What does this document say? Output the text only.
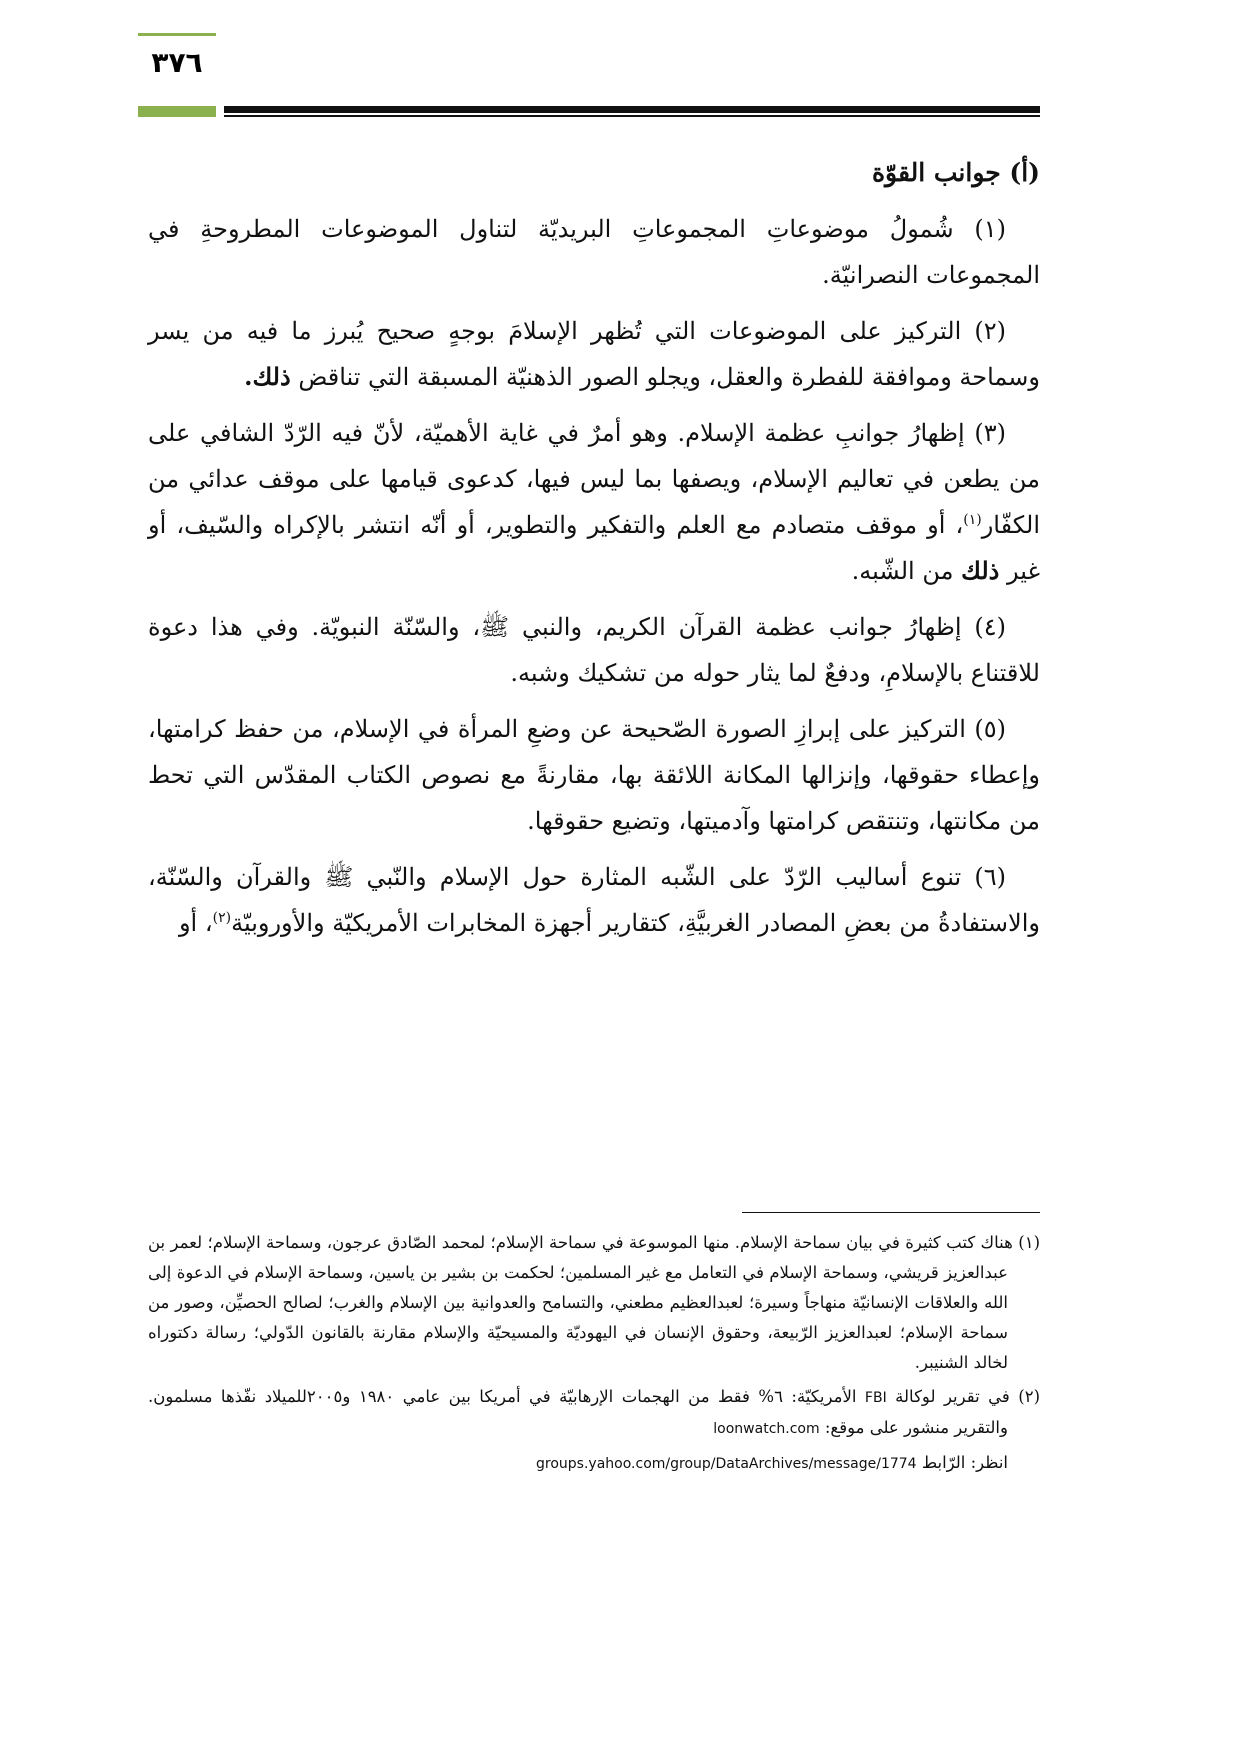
٣٧٦

(أ) جوانب القوّة

(١) شُمولُ موضوعاتِ المجموعاتِ البريديّة لتناول الموضوعات المطروحةِ في المجموعات النصرانيّة.

(٢) التركيز على الموضوعات التي تُظهر الإسلامَ بوجهٍ صحيح يُبرز ما فيه من يسر وسماحة وموافقة للفطرة والعقل، ويجلو الصور الذهنيّة المسبقة التي تناقض ذلك.

(٣) إظهارُ جوانبِ عظمة الإسلام. وهو أمرٌ في غاية الأهميّة، لأنّ فيه الرّدّ الشافي على من يطعن في تعاليم الإسلام، ويصفها بما ليس فيها، كدعوى قيامها على موقف عدائي من الكفّار$^{(١)}$، أو موقف متصادم مع العلم والتفكير والتطوير، أو أنّه انتشر بالإكراه والسّيف، أو غير ذلك من الشّبه.

(٤) إظهارُ جوانب عظمة القرآن الكريم، والنبي ﷺ، والسّنّة النبويّة. وفي هذا دعوة للاقتناع بالإسلامِ، ودفعٌ لما يثار حوله من تشكيك وشبه.

(٥) التركيز على إبرازِ الصورة الصّحيحة عن وضعِ المرأة في الإسلام، من حفظ كرامتها، وإعطاء حقوقها، وإنزالها المكانة اللائقة بها، مقارنةً مع نصوص الكتاب المقدّس التي تحط من مكانتها، وتنتقص كرامتها وآدميتها، وتضيع حقوقها.

(٦) تنوع أساليب الرّدّ على الشّبه المثارة حول الإسلام والنّبي ﷺ والقرآن والسّنّة، والاستفادةُ من بعضِ المصادر الغربيَّةِ، كتقارير أجهزة المخابرات الأمريكيّة والأوروبيّة$^{(٢)}$، أو

(١) هناك كتب كثيرة في بيان سماحة الإسلام. منها الموسوعة في سماحة الإسلام؛ لمحمد الصّادق عرجون، وسماحة الإسلام؛ لعمر بن عبدالعزيز قريشي، وسماحة الإسلام في التعامل مع غير المسلمين؛ لحكمت بن بشير بن ياسين، وسماحة الإسلام في الدعوة إلى الله والعلاقات الإنسانيّة منهاجاً وسيرة؛ لعبدالعظيم مطعني، والتسامح والعدوانية بين الإسلام والغرب؛ لصالح الحصيِّن، وصور من سماحة الإسلام؛ لعبدالعزيز الرّبيعة، وحقوق الإنسان في اليهوديّة والمسيحيّة والإسلام مقارنة بالقانون الدّولي؛ رسالة دكتوراه لخالد الشنيبر.

(٢) في تقرير لوكالة FBI الأمريكيّة: ٦% فقط من الهجمات الإرهابيّة في أمريكا بين عامي ١٩٨٠ و٢٠٠٥للميلاد نفّذها مسلمون. والتقرير منشور على موقع: loonwatch.com

انظر: الرّابط groups.yahoo.com/group/DataArchives/message/1774
